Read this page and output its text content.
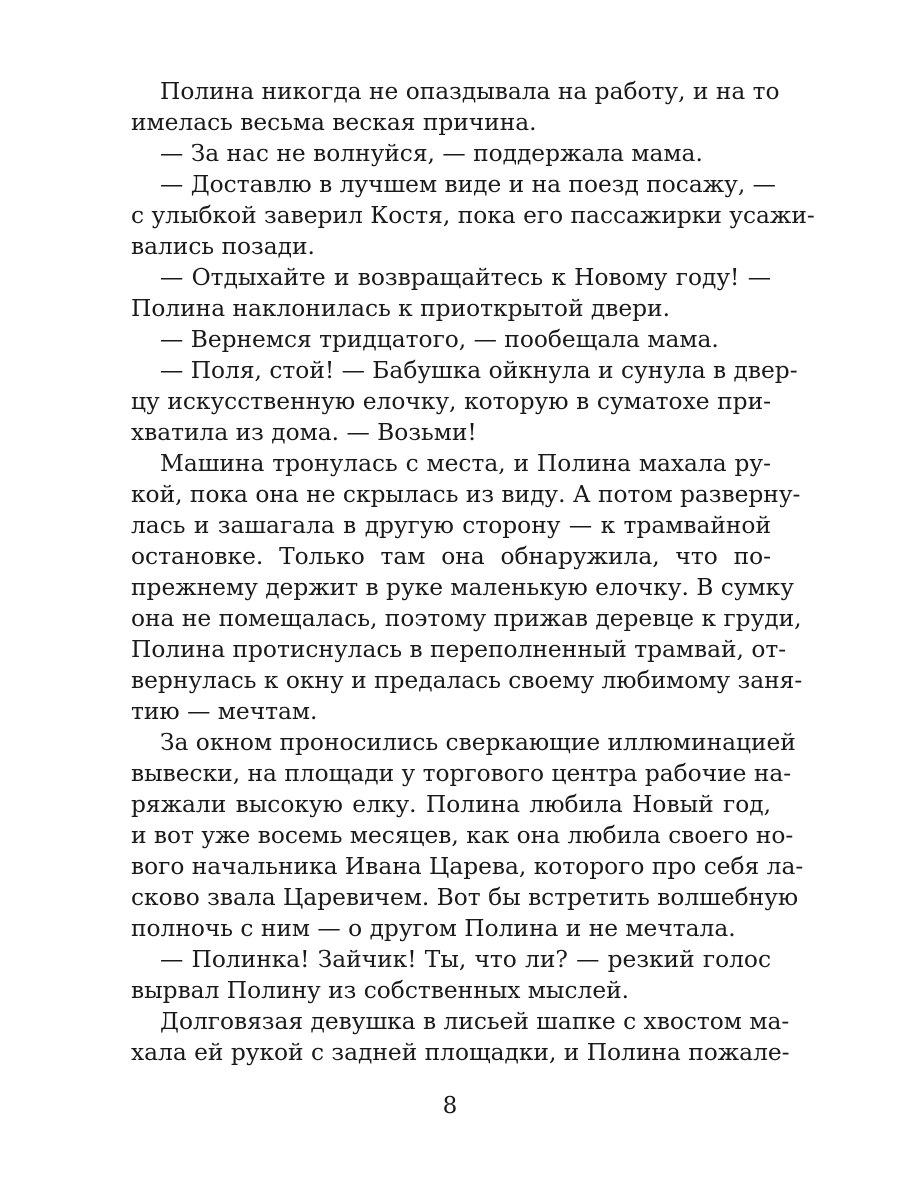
Полина никогда не опаздывала на работу, и на то
имелась весьма веская причина.
— За нас не волнуйся, — поддержала мама.
— Доставлю в лучшем виде и на поезд посажу, —
с улыбкой заверил Костя, пока его пассажирки усажи-
вались позади.
— Отдыхайте и возвращайтесь к Новому году! —
Полина наклонилась к приоткрытой двери.
— Вернемся тридцатого, — пообещала мама.
— Поля, стой! — Бабушка ойкнула и сунула в двер-
цу искусственную елочку, которую в суматохе при-
хватила из дома. — Возьми!
Машина тронулась с места, и Полина махала ру-
кой, пока она не скрылась из виду. А потом разверну-
лась и зашагала в другую сторону — к трамвайной
остановке. Только там она обнаружила, что по-
прежнему держит в руке маленькую елочку. В сумку
она не помещалась, поэтому прижав деревце к груди,
Полина протиснулась в переполненный трамвай, от-
вернулась к окну и предалась своему любимому заня-
тию — мечтам.
За окном проносились сверкающие иллюминацией
вывески, на площади у торгового центра рабочие на-
ряжали высокую елку. Полина любила Новый год,
и вот уже восемь месяцев, как она любила своего но-
вого начальника Ивана Царева, которого про себя ла-
сково звала Царевичем. Вот бы встретить волшебную
полночь с ним — о другом Полина и не мечтала.
— Полинка! Зайчик! Ты, что ли? — резкий голос
вырвал Полину из собственных мыслей.
Долговязая девушка в лисьей шапке с хвостом ма-
хала ей рукой с задней площадки, и Полина пожале-
8
